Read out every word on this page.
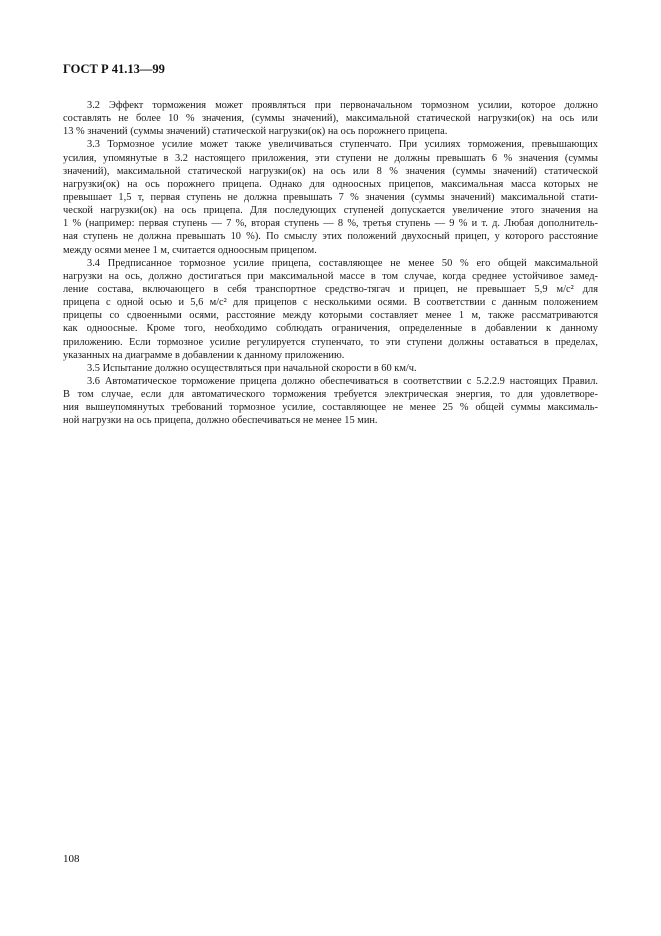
ГОСТ Р 41.13—99
3.2 Эффект торможения может проявляться при первоначальном тормозном усилии, которое должно
составлять не более 10 % значения, (суммы значений), максимальной статической нагрузки(ок) на ось или
13 % значений (суммы значений) статической нагрузки(ок) на ось порожнего прицепа.
3.3 Тормозное усилие может также увеличиваться ступенчато. При усилиях торможения, превышающих
усилия, упомянутые в 3.2 настоящего приложения, эти ступени не должны превышать 6 % значения (суммы
значений), максимальной статической нагрузки(ок) на ось или 8 % значения (суммы значений) статической
нагрузки(ок) на ось порожнего прицепа. Однако для одноосных прицепов, максимальная масса которых не
превышает 1,5 т, первая ступень не должна превышать 7 % значения (суммы значений) максимальной стати-
ческой нагрузки(ок) на ось прицепа. Для последующих ступеней допускается увеличение этого значения на
1 % (например: первая ступень — 7 %, вторая ступень — 8 %, третья ступень — 9 % и т. д. Любая дополнитель-
ная ступень не должна превышать 10 %). По смыслу этих положений двухосный прицеп, у которого расстояние
между осями менее 1 м, считается одноосным прицепом.
3.4 Предписанное тормозное усилие прицепа, составляющее не менее 50 % его общей максимальной
нагрузки на ось, должно достигаться при максимальной массе в том случае, когда среднее устойчивое замед-
ление состава, включающего в себя транспортное средство-тягач и прицеп, не превышает 5,9 м/с² для
прицепа с одной осью и 5,6 м/с² для прицепов с несколькими осями. В соответствии с данным положением
прицепы со сдвоенными осями, расстояние между которыми составляет менее 1 м, также рассматриваются
как одноосные. Кроме того, необходимо соблюдать ограничения, определенные в добавлении к данному
приложению. Если тормозное усилие регулируется ступенчато, то эти ступени должны оставаться в пределах,
указанных на диаграмме в добавлении к данному приложению.
3.5 Испытание должно осуществляться при начальной скорости в 60 км/ч.
3.6 Автоматическое торможение прицепа должно обеспечиваться в соответствии с 5.2.2.9 настоящих Правил.
В том случае, если для автоматического торможения требуется электрическая энергия, то для удовлетворе-
ния вышеупомянутых требований тормозное усилие, составляющее не менее 25 % общей суммы максималь-
ной нагрузки на ось прицепа, должно обеспечиваться не менее 15 мин.
108
